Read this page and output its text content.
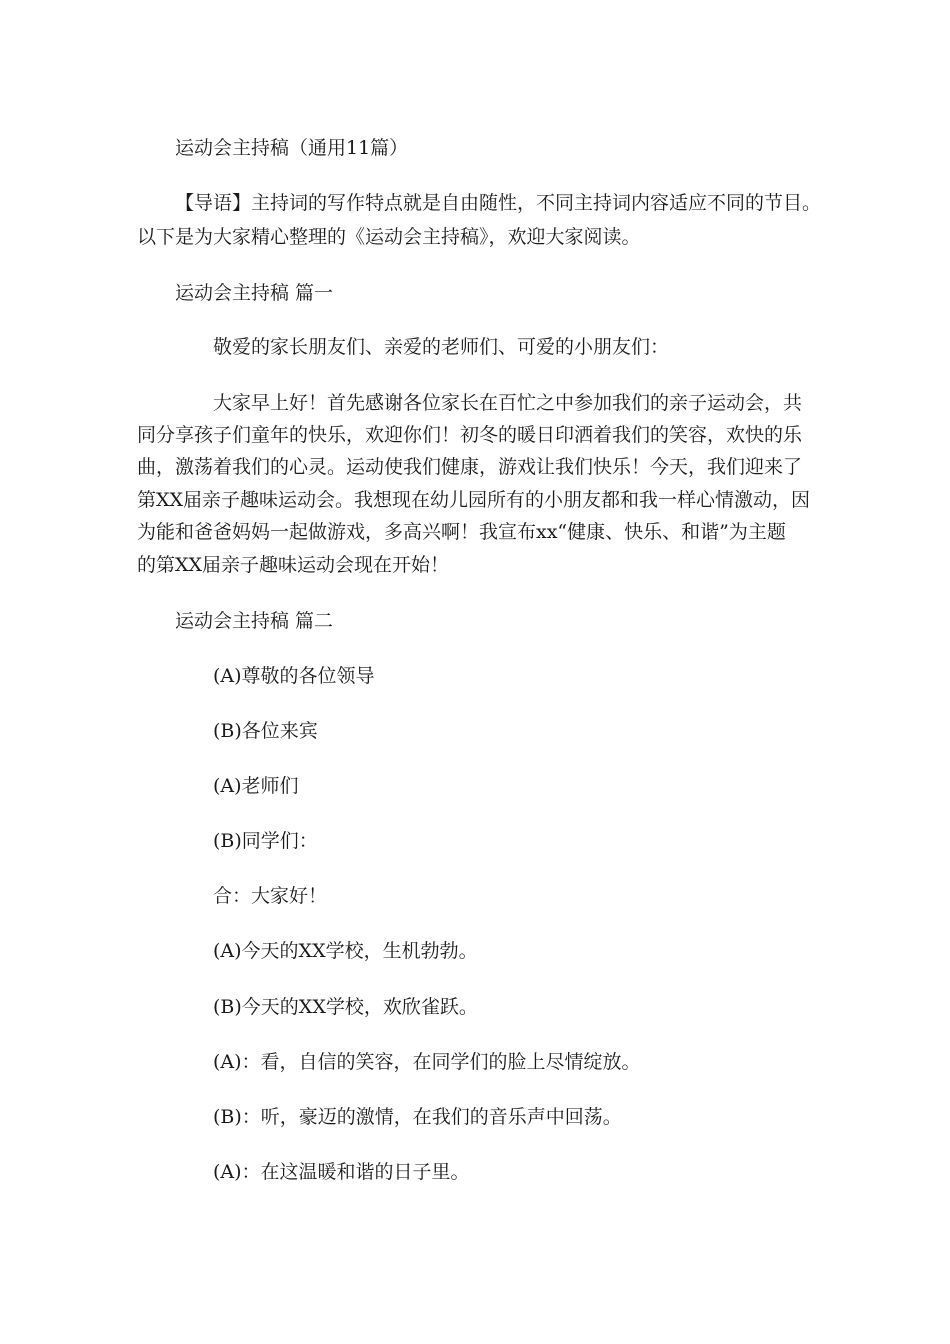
运动会主持稿（通用11篇）
【导语】主持词的写作特点就是自由随性，不同主持词内容适应不同的节目。
以下是为大家精心整理的《运动会主持稿》，欢迎大家阅读。
运动会主持稿 篇一
敬爱的家长朋友们、亲爱的老师们、可爱的小朋友们：
大家早上好！首先感谢各位家长在百忙之中参加我们的亲子运动会，共
同分享孩子们童年的快乐，欢迎你们！初冬的暖日印洒着我们的笑容，欢快的乐
曲，激荡着我们的心灵。运动使我们健康，游戏让我们快乐！今天，我们迎来了
第XX届亲子趣味运动会。我想现在幼儿园所有的小朋友都和我一样心情激动，因
为能和爸爸妈妈一起做游戏，多高兴啊！我宣布xx“健康、快乐、和谐”为主题
的第XX届亲子趣味运动会现在开始！
运动会主持稿 篇二
(A)尊敬的各位领导
(B)各位来宾
(A)老师们
(B)同学们：
合：大家好！
(A)今天的XX学校，生机勃勃。
(B)今天的XX学校，欢欣雀跃。
(A)：看，自信的笑容，在同学们的脸上尽情绽放。
(B)：听，豪迈的激情，在我们的音乐声中回荡。
(A)：在这温暖和谐的日子里。
